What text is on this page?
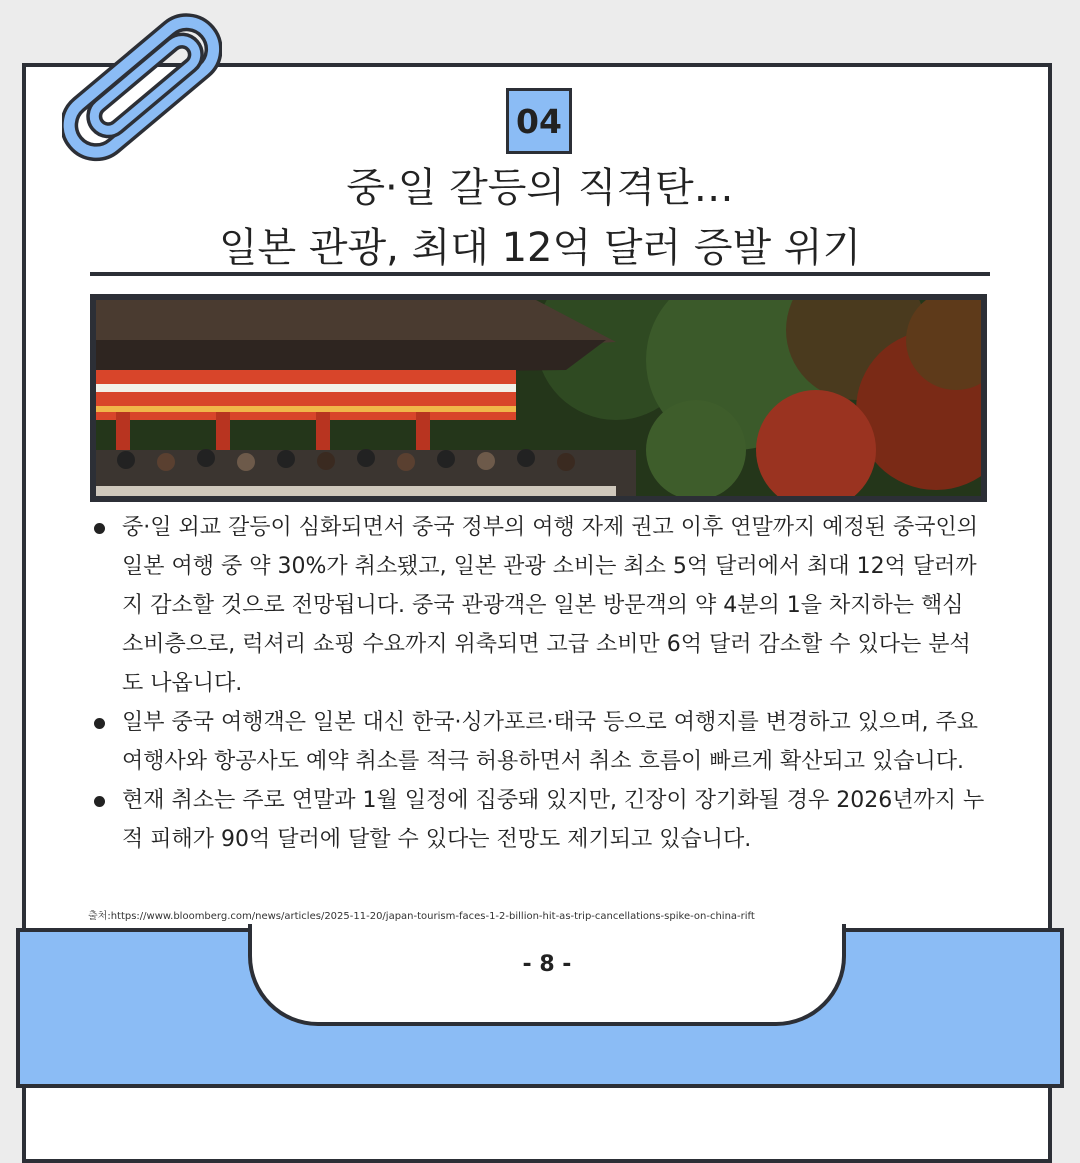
04
중·일 갈등의 직격탄…
일본 관광, 최대 12억 달러 증발 위기
중·일 외교 갈등이 심화되면서 중국 정부의 여행 자제 권고 이후 연말까지 예정된 중국인의 일본 여행 중 약 30%가 취소됐고, 일본 관광 소비는 최소 5억 달러에서 최대 12억 달러까지 감소할 것으로 전망됩니다. 중국 관광객은 일본 방문객의 약 4분의 1을 차지하는 핵심 소비층으로, 럭셔리 쇼핑 수요까지 위축되면 고급 소비만 6억 달러 감소할 수 있다는 분석도 나옵니다.
일부 중국 여행객은 일본 대신 한국·싱가포르·태국 등으로 여행지를 변경하고 있으며, 주요 여행사와 항공사도 예약 취소를 적극 허용하면서 취소 흐름이 빠르게 확산되고 있습니다.
현재 취소는 주로 연말과 1월 일정에 집중돼 있지만, 긴장이 장기화될 경우 2026년까지 누적 피해가 90억 달러에 달할 수 있다는 전망도 제기되고 있습니다.
출처:https://www.bloomberg.com/news/articles/2025-11-20/japan-tourism-faces-1-2-billion-hit-as-trip-cancellations-spike-on-china-rift
- 8 -
